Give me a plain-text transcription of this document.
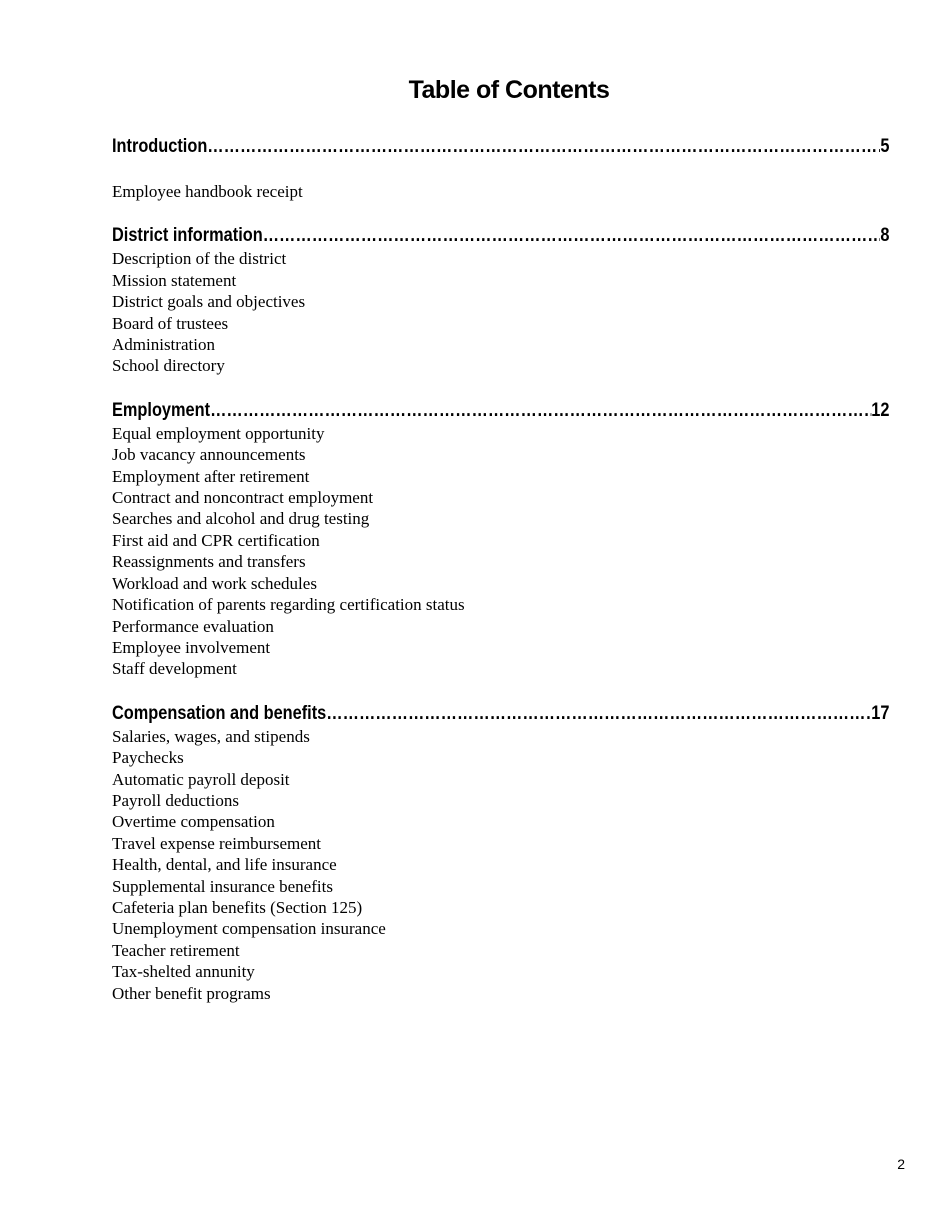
Table of Contents
Introduction ……………………………………………………………………………………………………………………………………………………………………………………………………………………………	5
Employee handbook receipt
District information ……………………………………………………………………………………………………………………………………………………………………………………………………………………………	8
Description of the district
Mission statement
District goals and objectives
Board of trustees
Administration
School directory
Employment ……………………………………………………………………………………………………………………………………………………………………………………………………………………………	12
Equal employment opportunity
Job vacancy announcements
Employment after retirement
Contract and noncontract employment
Searches and alcohol and drug testing
First aid and CPR certification
Reassignments and transfers
Workload and work schedules
Notification of parents regarding certification status
Performance evaluation
Employee involvement
Staff development
Compensation and benefits ……………………………………………………………………………………………………………………………………………………………………………………………………………………………	17
Salaries, wages, and stipends
Paychecks
Automatic payroll deposit
Payroll deductions
Overtime compensation
Travel expense reimbursement
Health, dental, and life insurance
Supplemental insurance benefits
Cafeteria plan benefits (Section 125)
Unemployment compensation insurance
Teacher retirement
Tax-shelted annunity
Other benefit programs
2
